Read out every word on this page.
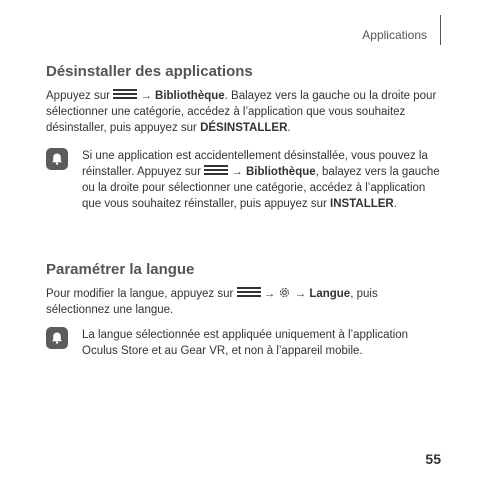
Applications
Désinstaller des applications
Appuyez sur
→ Bibliothèque. Balayez vers la gauche ou la droite pour sélectionner une catégorie, accédez à l’application que vous souhaitez désinstaller, puis appuyez sur DÉSINSTALLER.
Si une application est accidentellement désinstallée, vous pouvez la réinstaller. Appuyez sur
→ Bibliothèque, balayez vers la gauche ou la droite pour sélectionner une catégorie, accédez à l’application que vous souhaitez réinstaller, puis appuyez sur INSTALLER.
Paramétrer la langue
Pour modifier la langue, appuyez sur
→  → Langue, puis sélectionnez une langue.
La langue sélectionnée est appliquée uniquement à l’application Oculus Store et au Gear VR, et non à l’appareil mobile.
55
